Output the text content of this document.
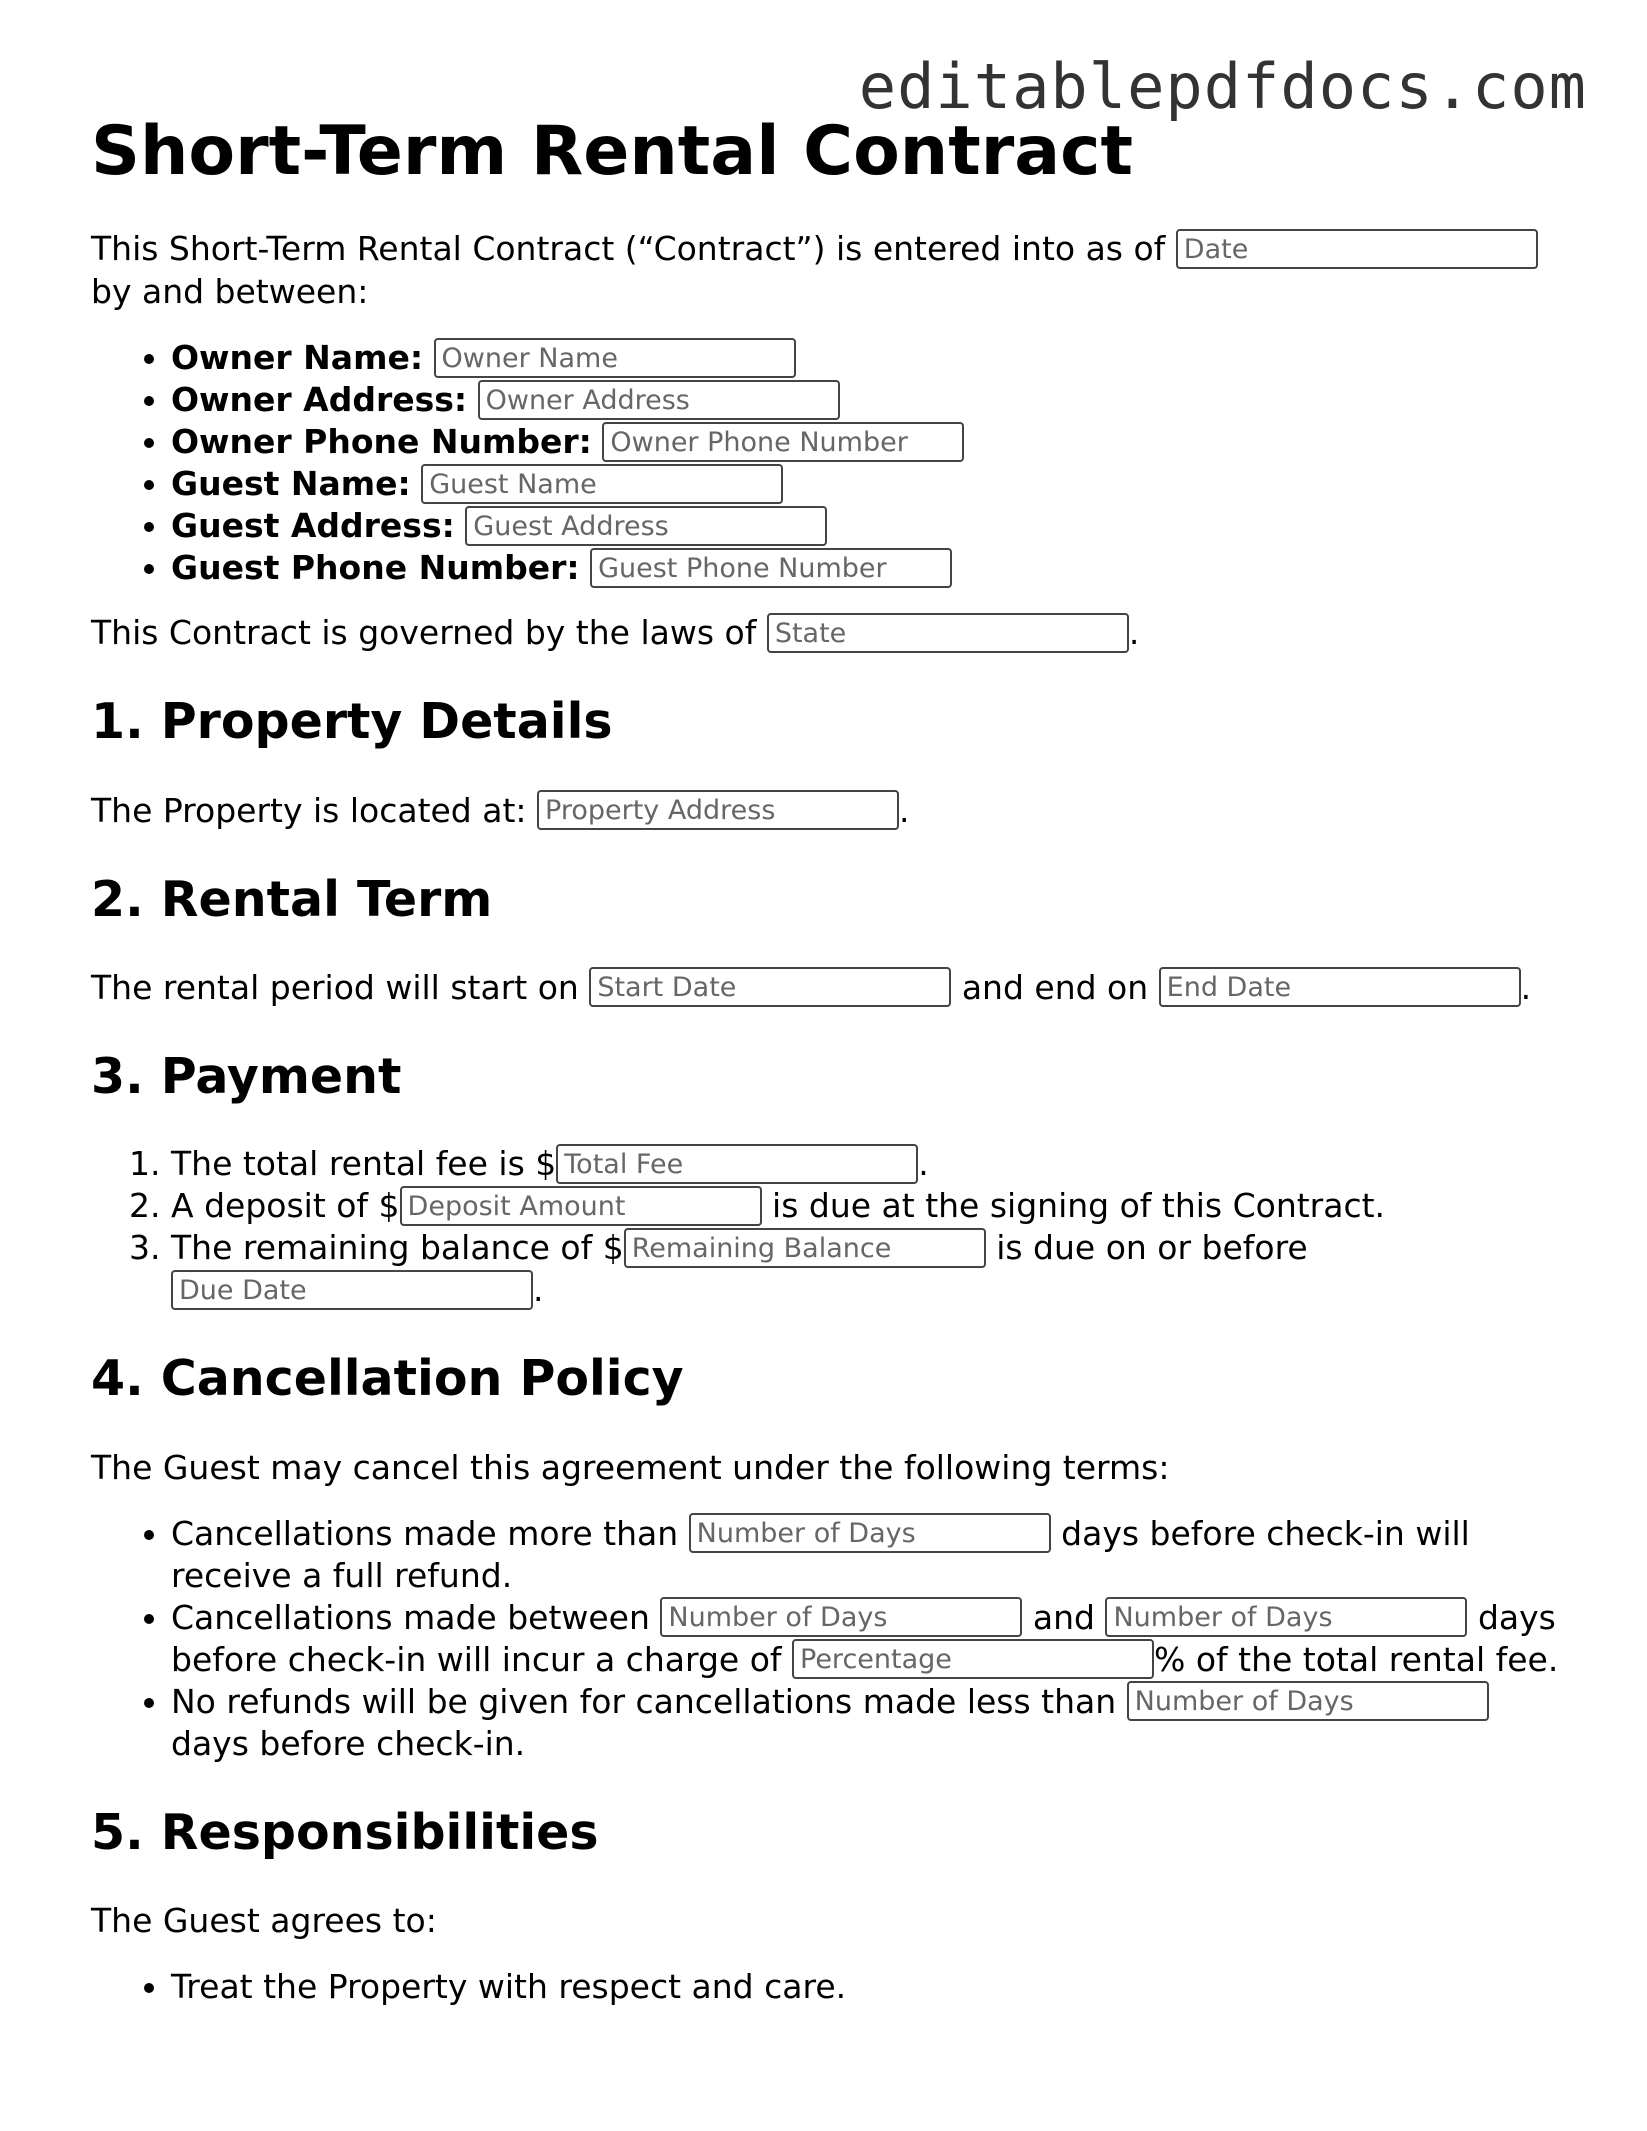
editablepdfdocs.com
Short-Term Rental Contract

This Short-Term Rental Contract (“Contract”) is entered into as of Date
by and between:

• Owner Name: Owner Name
• Owner Address: Owner Address
• Owner Phone Number: Owner Phone Number
• Guest Name: Guest Name
• Guest Address: Guest Address
• Guest Phone Number: Guest Phone Number

This Contract is governed by the laws of State	.

1. Property Details

The Property is located at: Property Address	.

2. Rental Term

The rental period will start on Start Date	and end on End Date	.

3. Payment
1. The total rental fee is $ Total Fee	.
2. A deposit of $ Deposit Amount	is due at the signing of this Contract.
3. The remaining balance of $ Remaining Balance	is due on or before
Due Date	.
4. Cancellation Policy

The Guest may cancel this agreement under the following terms:

• Cancellations made more than Number of Days	days before check-in will receive a full refund.
• Cancellations made between Number of Days	and Number of Days	days before check-in will incur a charge of Percentage	% of the total rental fee.
• No refunds will be given for cancellations made less than Number of Days days before check-in.
5. Responsibilities

The Guest agrees to:

• Treat the Property with respect and care.
